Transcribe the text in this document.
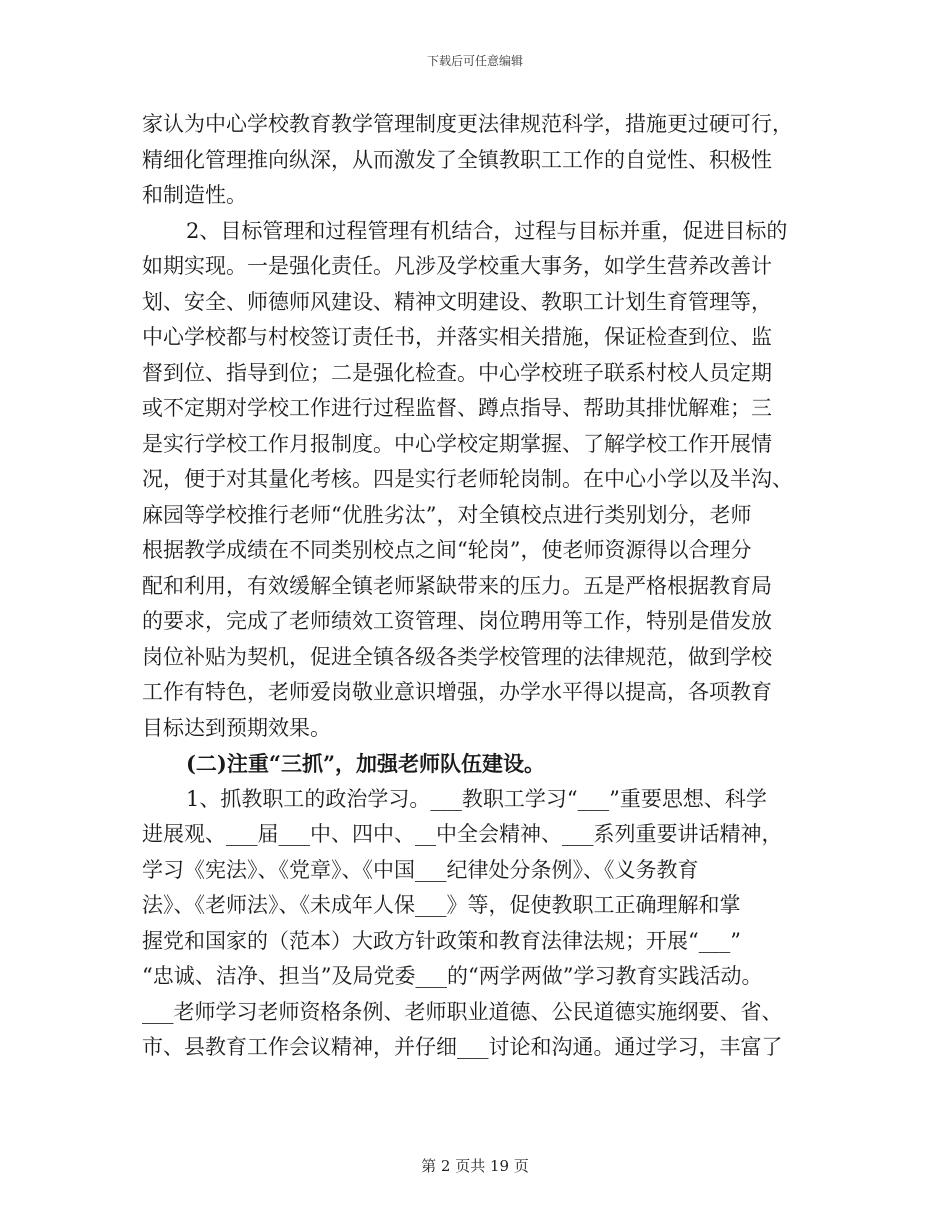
下载后可任意编辑
家认为中心学校教育教学管理制度更法律规范科学，措施更过硬可行，
精细化管理推向纵深，从而激发了全镇教职工工作的自觉性、积极性
和制造性。
2、目标管理和过程管理有机结合，过程与目标并重，促进目标的
如期实现。一是强化责任。凡涉及学校重大事务，如学生营养改善计
划、安全、师德师风建设、精神文明建设、教职工计划生育管理等，
中心学校都与村校签订责任书，并落实相关措施，保证检查到位、监
督到位、指导到位；二是强化检查。中心学校班子联系村校人员定期
或不定期对学校工作进行过程监督、蹲点指导、帮助其排忧解难；三
是实行学校工作月报制度。中心学校定期掌握、了解学校工作开展情
况，便于对其量化考核。四是实行老师轮岗制。在中心小学以及半沟、
麻园等学校推行老师“优胜劣汰”，对全镇校点进行类别划分，老师
根据教学成绩在不同类别校点之间“轮岗”，使老师资源得以合理分
配和利用，有效缓解全镇老师紧缺带来的压力。五是严格根据教育局
的要求，完成了老师绩效工资管理、岗位聘用等工作，特别是借发放
岗位补贴为契机，促进全镇各级各类学校管理的法律规范，做到学校
工作有特色，老师爱岗敬业意识增强，办学水平得以提高，各项教育
目标达到预期效果。
(二)注重“三抓”，加强老师队伍建设。
1、抓教职工的政治学习。___教职工学习“___”重要思想、科学
进展观、___届___中、四中、__中全会精神、___系列重要讲话精神，
学习《宪法》、《党章》、《中国___纪律处分条例》、《义务教育
法》、《老师法》、《未成年人保___》等，促使教职工正确理解和掌
握党和国家的（范本）大政方针政策和教育法律法规；开展“___”
“忠诚、洁净、担当”及局党委___的“两学两做”学习教育实践活动。
___老师学习老师资格条例、老师职业道德、公民道德实施纲要、省、
市、县教育工作会议精神，并仔细___讨论和沟通。通过学习，丰富了
第 2 页共 19 页
